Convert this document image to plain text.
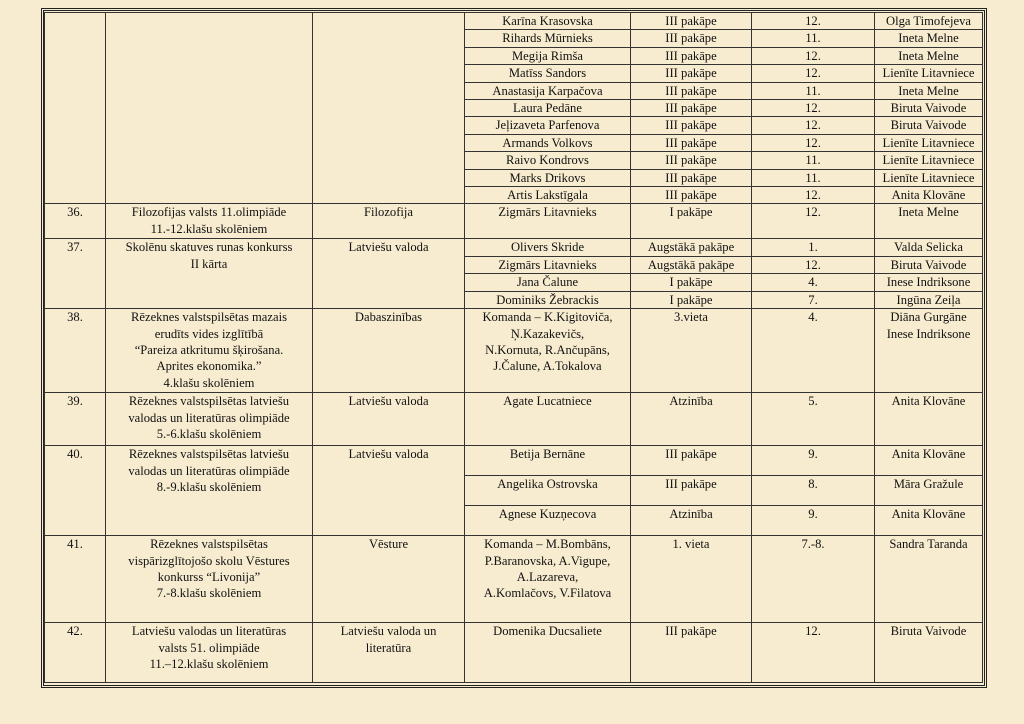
			Karīna Krasovska	III pakāpe	12.	Olga Timofejeva
			Rihards Mūrnieks	III pakāpe	11.	Ineta Melne
			Megija Rimša	III pakāpe	12.	Ineta Melne
			Matīss Sandors	III pakāpe	12.	Lienīte Litavniece
			Anastasija Karpačova	III pakāpe	11.	Ineta Melne
			Laura Pedāne	III pakāpe	12.	Biruta Vaivode
			Jeļizaveta Parfenova	III pakāpe	12.	Biruta Vaivode
			Armands Volkovs	III pakāpe	12.	Lienīte Litavniece
			Raivo Kondrovs	III pakāpe	11.	Lienīte Litavniece
			Marks Drikovs	III pakāpe	11.	Lienīte Litavniece
			Artis Lakstīgala	III pakāpe	12.	Anita Klovāne
36.	Filozofijas valsts 11.olimpiāde
11.-12.klašu skolēniem	Filozofija	Zigmārs Litavnieks	I pakāpe	12.	Ineta Melne
37.	Skolēnu skatuves runas konkurss
II kārta	Latviešu valoda	Olivers Skride	Augstākā pakāpe	1.	Valda Selicka
			Zigmārs Litavnieks	Augstākā pakāpe	12.	Biruta Vaivode
			Jana Čalune	I pakāpe	4.	Inese Indriksone
			Dominiks Žebrackis	I pakāpe	7.	Ingūna Zeiļa
38.	Rēzeknes valstspilsētas mazais
erudīts vides izglītībā
“Pareiza atkritumu šķirošana.
Aprites ekonomika.”
4.klašu skolēniem	Dabaszinības	Komanda – K.Kigitoviča,
Ņ.Kazakevičs,
N.Kornuta, R.Ančupāns,
J.Čalune, A.Tokalova	3.vieta	4.	Diāna Gurgāne
Inese Indriksone

39.	Rēzeknes valstspilsētas latviešu
valodas un literatūras olimpiāde
5.-6.klašu skolēniem	Latviešu valoda	Agate Lucatniece	Atzinība	5.	Anita Klovāne
40.	Rēzeknes valstspilsētas latviešu
valodas un literatūras olimpiāde
8.-9.klašu skolēniem	Latviešu valoda	Betija Bernāne	III pakāpe	9.	Anita Klovāne
			Angelika Ostrovska	III pakāpe	8.	Māra Gražule
			Agnese Kuzņecova	Atzinība	9.	Anita Klovāne
41.	Rēzeknes valstspilsētas
vispārizglītojošo skolu Vēstures
konkurss “Livonija”
7.-8.klašu skolēniem	Vēsture	Komanda – M.Bombāns,
P.Baranovska, A.Vigupe,
A.Lazareva,
A.Komlačovs, V.Filatova	1. vieta	7.-8.	Sandra Taranda
42.	Latviešu valodas un literatūras
valsts 51. olimpiāde
11.–12.klašu skolēniem	Latviešu valoda un
literatūra	Domenika Ducsaliete	III pakāpe	12.	Biruta Vaivode
